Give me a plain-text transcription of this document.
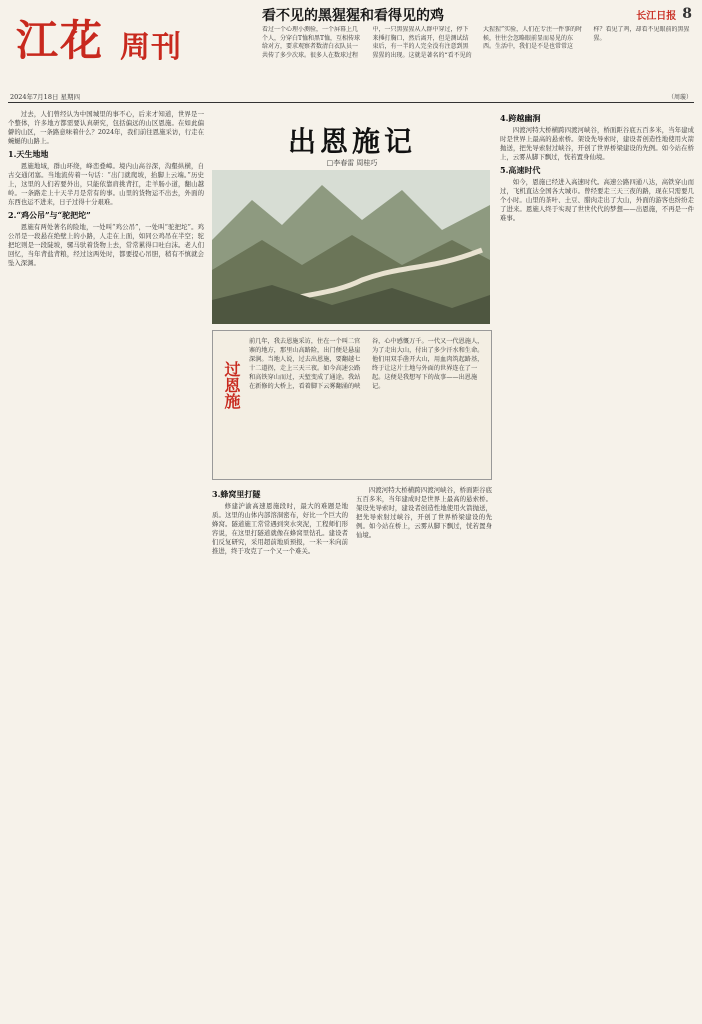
江花 周刊
2024年7月18日 星期四
看不见的黑猩猩和看得见的鸡	长江日报 8
看过一个心理小测验，一个屏幕上几个人，分穿白T恤和黑T恤，互相传球给对方，要求观察者数清白衣队员一共传了多少次球。很多人在数球过程中，一只黑猩猩从人群中穿过，停下来捶打胸口，然后离开，但是测试结束后，有一半的人完全没有注意到黑猩猩的出现。这就是著名的“看不见的大猩猩”实验，人们在专注一件事的时候，往往会忽略眼前显而易见的东西。生活中，我们是不是也常常这样？看见了鸡，却看不见眼前的黑猩猩。
（周璇）

过去，人们曾经认为中国城里的事不心，后来才知道，世界是一个整体，许多地方都需要认真研究，包括偏远的山区恩施。在如此偏僻的山区，一条路意味着什么？2024年，我们前往恩施采访，行走在蜿蜒的山路上。

1.天生地地

恩施地域，群山环绕，峰峦叠嶂。境内山高谷深，沟壑纵横，自古交通闭塞。当地流传着一句话：“出门就爬坡，抬脚上云端。”历史上，这里的人们若要外出，只能依靠肩挑背扛，走羊肠小道，翻山越岭。一条路走上十天半月是常有的事。山里的货物运不出去，外面的东西也运不进来，日子过得十分艰难。

2.“鸡公吊”与“驼把坨”

恩施有两处著名的险地，一处叫“鸡公吊”，一处叫“驼把坨”。鸡公吊是一段悬在绝壁上的小路，人走在上面，如同公鸡吊在半空；驼把坨则是一段陡坡，骡马驮着货物上去，常常累得口吐白沫。老人们回忆，当年背盐背粮，经过这两处时，都要提心吊胆，稍有不慎就会坠入深渊。

出恩施记
□李春雷 周桂巧
过恩施
前几年，我去恩施采访，住在一个叫二官寨的地方，那里山高路险，出门便是悬崖深涧。当地人说，过去出恩施，要翻越七十二道拐，走上三天三夜。如今高速公路和高铁穿山而过，天堑变成了通途。我站在新修的大桥上，看着脚下云雾翻涌的峡谷，心中感慨万千。一代又一代恩施人，为了走出大山，付出了多少汗水和生命。他们用双手凿开大山，用血肉筑起路基，终于让这片土地与外面的世界连在了一起。这便是我想写下的故事——出恩施记。
3.蜂窝里打隧

修建沪渝高速恩施段时，最大的难题是地质。这里的山体内部溶洞密布，好比一个巨大的蜂窝。隧道施工常常遇到突水突泥，工程师们形容说，在这里打隧道就像在蜂窝里钻孔。建设者们反复研究，采用超前地质预报，一米一米向前推进，终于攻克了一个又一个难关。

四渡河特大桥横跨四渡河峡谷，桥面距谷底五百多米，当年建成时是世界上最高的悬索桥。架设先导索时，建设者创造性地使用火箭抛送，把先导索射过峡谷，开创了世界桥梁建设的先例。如今站在桥上，云雾从脚下飘过，恍若置身仙境。

4.跨越幽涧

四渡河特大桥横跨四渡河峡谷，桥面距谷底五百多米，当年建成时是世界上最高的悬索桥。架设先导索时，建设者创造性地使用火箭抛送，把先导索射过峡谷，开创了世界桥梁建设的先例。如今站在桥上，云雾从脚下飘过，恍若置身仙境。

5.高速时代

如今，恩施已经进入高速时代。高速公路四通八达，高铁穿山而过，飞机直达全国各大城市。曾经要走三天三夜的路，现在只需要几个小时。山里的茶叶、土豆、腊肉走出了大山，外面的游客也纷纷走了进来。恩施人终于实现了世世代代的梦想——出恩施，不再是一件难事。
